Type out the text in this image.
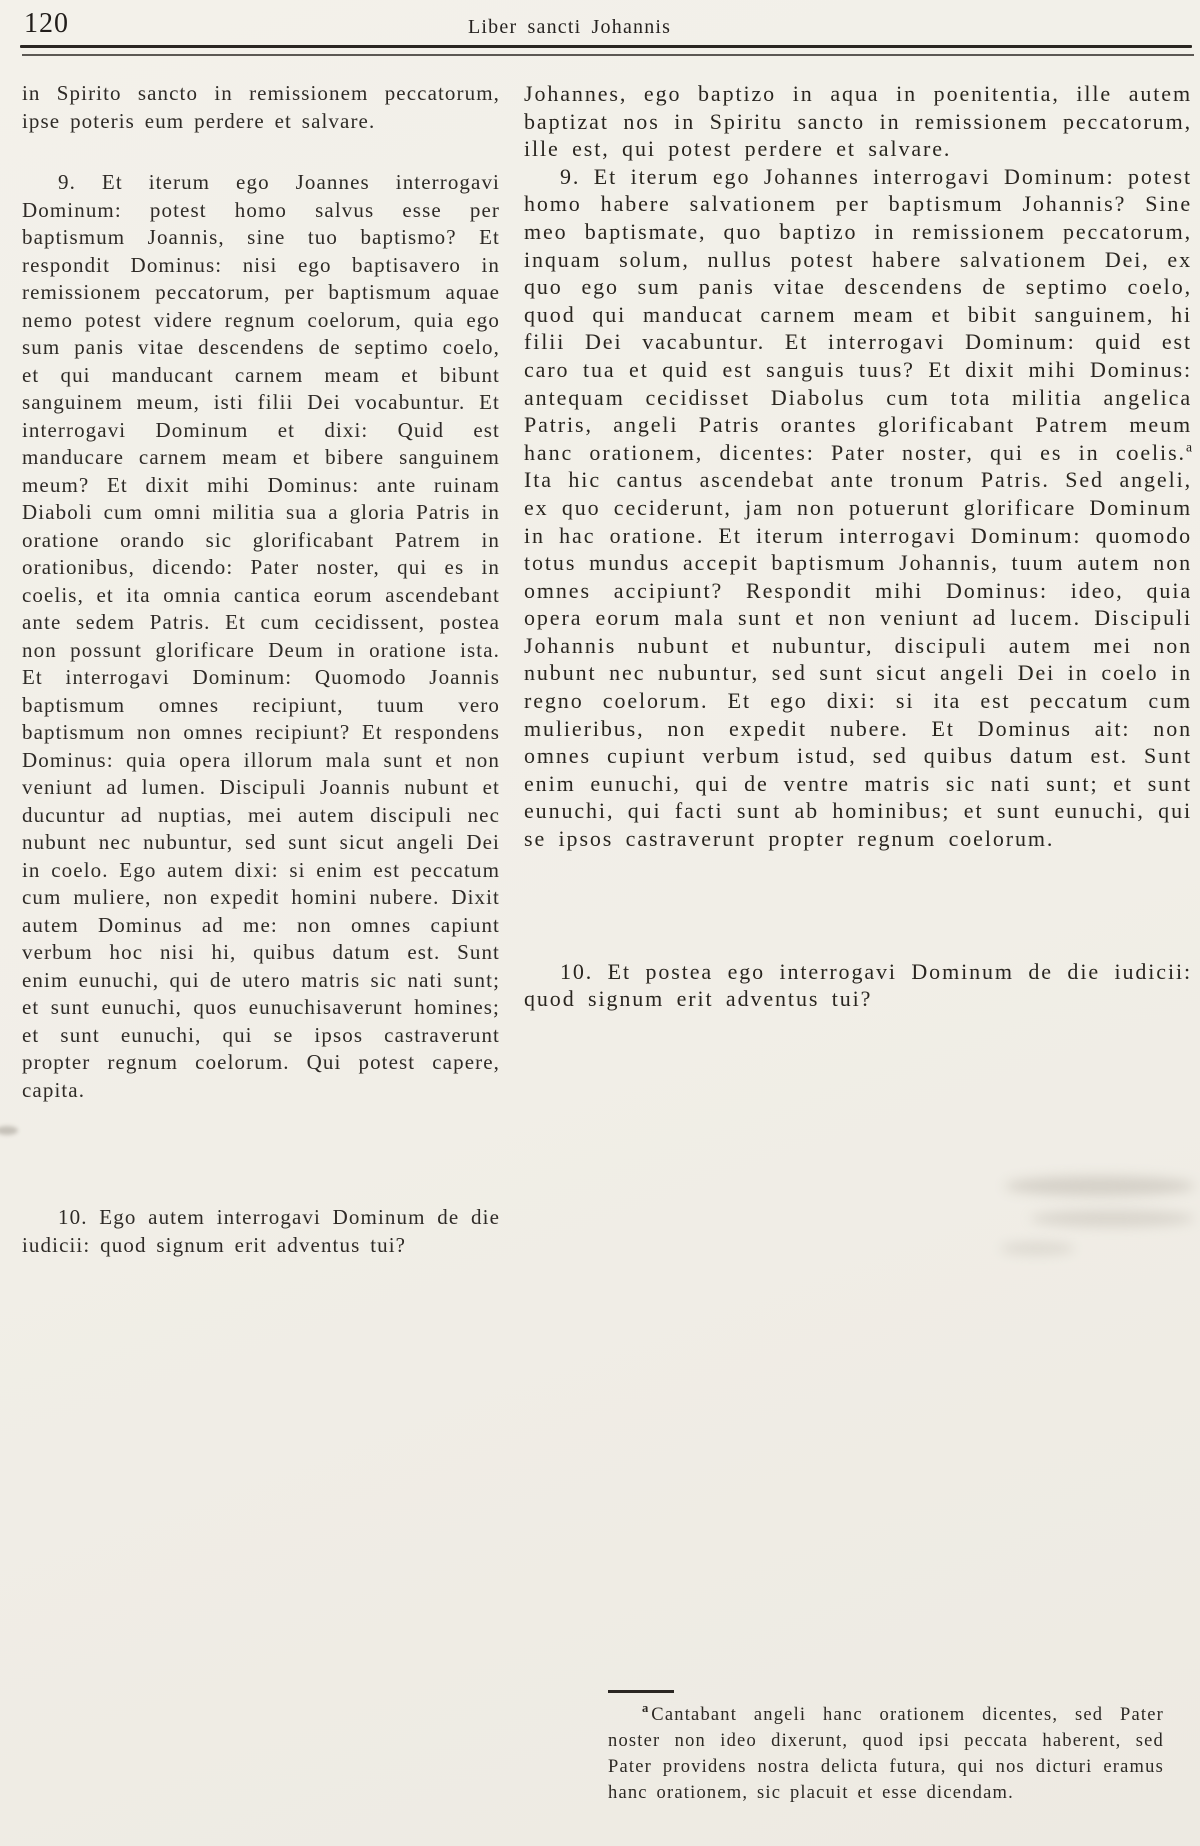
120	Liber sancti Johannis

in Spirito sancto in remissionem peccatorum, ipse poteris eum perdere et salvare.

9. Et iterum ego Joannes interrogavi Dominum: potest homo salvus esse per baptismum Joannis, sine tuo baptismo? Et respondit Dominus: nisi ego baptisavero in remissionem peccatorum, per baptismum aquae nemo potest videre regnum coelorum, quia ego sum panis vitae descendens de septimo coelo, et qui manducant carnem meam et bibunt sanguinem meum, isti filii Dei vocabuntur. Et interrogavi Dominum et dixi: Quid est manducare carnem meam et bibere sanguinem meum? Et dixit mihi Dominus: ante ruinam Diaboli cum omni militia sua a gloria Patris in oratione orando sic glorificabant Patrem in orationibus, dicendo: Pater noster, qui es in coelis, et ita omnia cantica eorum ascendebant ante sedem Patris. Et cum cecidissent, postea non possunt glorificare Deum in oratione ista. Et interrogavi Dominum: Quomodo Joannis baptismum omnes recipiunt, tuum vero baptismum non omnes recipiunt? Et respondens Dominus: quia opera illorum mala sunt et non veniunt ad lumen. Discipuli Joannis nubunt et ducuntur ad nuptias, mei autem discipuli nec nubunt nec nubuntur, sed sunt sicut angeli Dei in coelo. Ego autem dixi: si enim est peccatum cum muliere, non expedit homini nubere. Dixit autem Dominus ad me: non omnes capiunt verbum hoc nisi hi, quibus datum est. Sunt enim eunuchi, qui de utero matris sic nati sunt; et sunt eunuchi, quos eunuchisaverunt homines; et sunt eunuchi, qui se ipsos castraverunt propter regnum coelorum. Qui potest capere, capita.

10. Ego autem interrogavi Dominum de die iudicii: quod signum erit adventus tui?

Johannes, ego baptizo in aqua in poenitentia, ille autem baptizat nos in Spiritu sancto in remissionem peccatorum, ille est, qui potest perdere et salvare.

9. Et iterum ego Johannes interrogavi Dominum: potest homo habere salvationem per baptismum Johannis? Sine meo baptismate, quo baptizo in remissionem peccatorum, inquam solum, nullus potest habere salvationem Dei, ex quo ego sum panis vitae descendens de septimo coelo, quod qui manducat carnem meam et bibit sanguinem, hi filii Dei vacabuntur. Et interrogavi Dominum: quid est caro tua et quid est sanguis tuus? Et dixit mihi Dominus: antequam cecidisset Diabolus cum tota militia angelica Patris, angeli Patris orantes glorificabant Patrem meum hanc orationem, dicentes: Pater noster, qui es in coelis.$^a$ Ita hic cantus ascendebat ante tronum Patris. Sed angeli, ex quo ceciderunt, jam non potuerunt glorificare Dominum in hac oratione. Et iterum interrogavi Dominum: quomodo totus mundus accepit baptismum Johannis, tuum autem non omnes accipiunt? Respondit mihi Dominus: ideo, quia opera eorum mala sunt et non veniunt ad lucem. Discipuli Johannis nubunt et nubuntur, discipuli autem mei non nubunt nec nubuntur, sed sunt sicut angeli Dei in coelo in regno coelorum. Et ego dixi: si ita est peccatum cum mulieribus, non expedit nubere. Et Dominus ait: non omnes cupiunt verbum istud, sed quibus datum est. Sunt enim eunuchi, qui de ventre matris sic nati sunt; et sunt eunuchi, qui facti sunt ab hominibus; et sunt eunuchi, qui se ipsos castraverunt propter regnum coelorum.

10. Et postea ego interrogavi Dominum de die iudicii: quod signum erit adventus tui?

$^a$ Cantabant angeli hanc orationem dicentes, sed Pater noster non ideo dixerunt, quod ipsi peccata haberent, sed Pater providens nostra delicta futura, qui nos dicturi eramus hanc orationem, sic placuit et esse dicendam.
